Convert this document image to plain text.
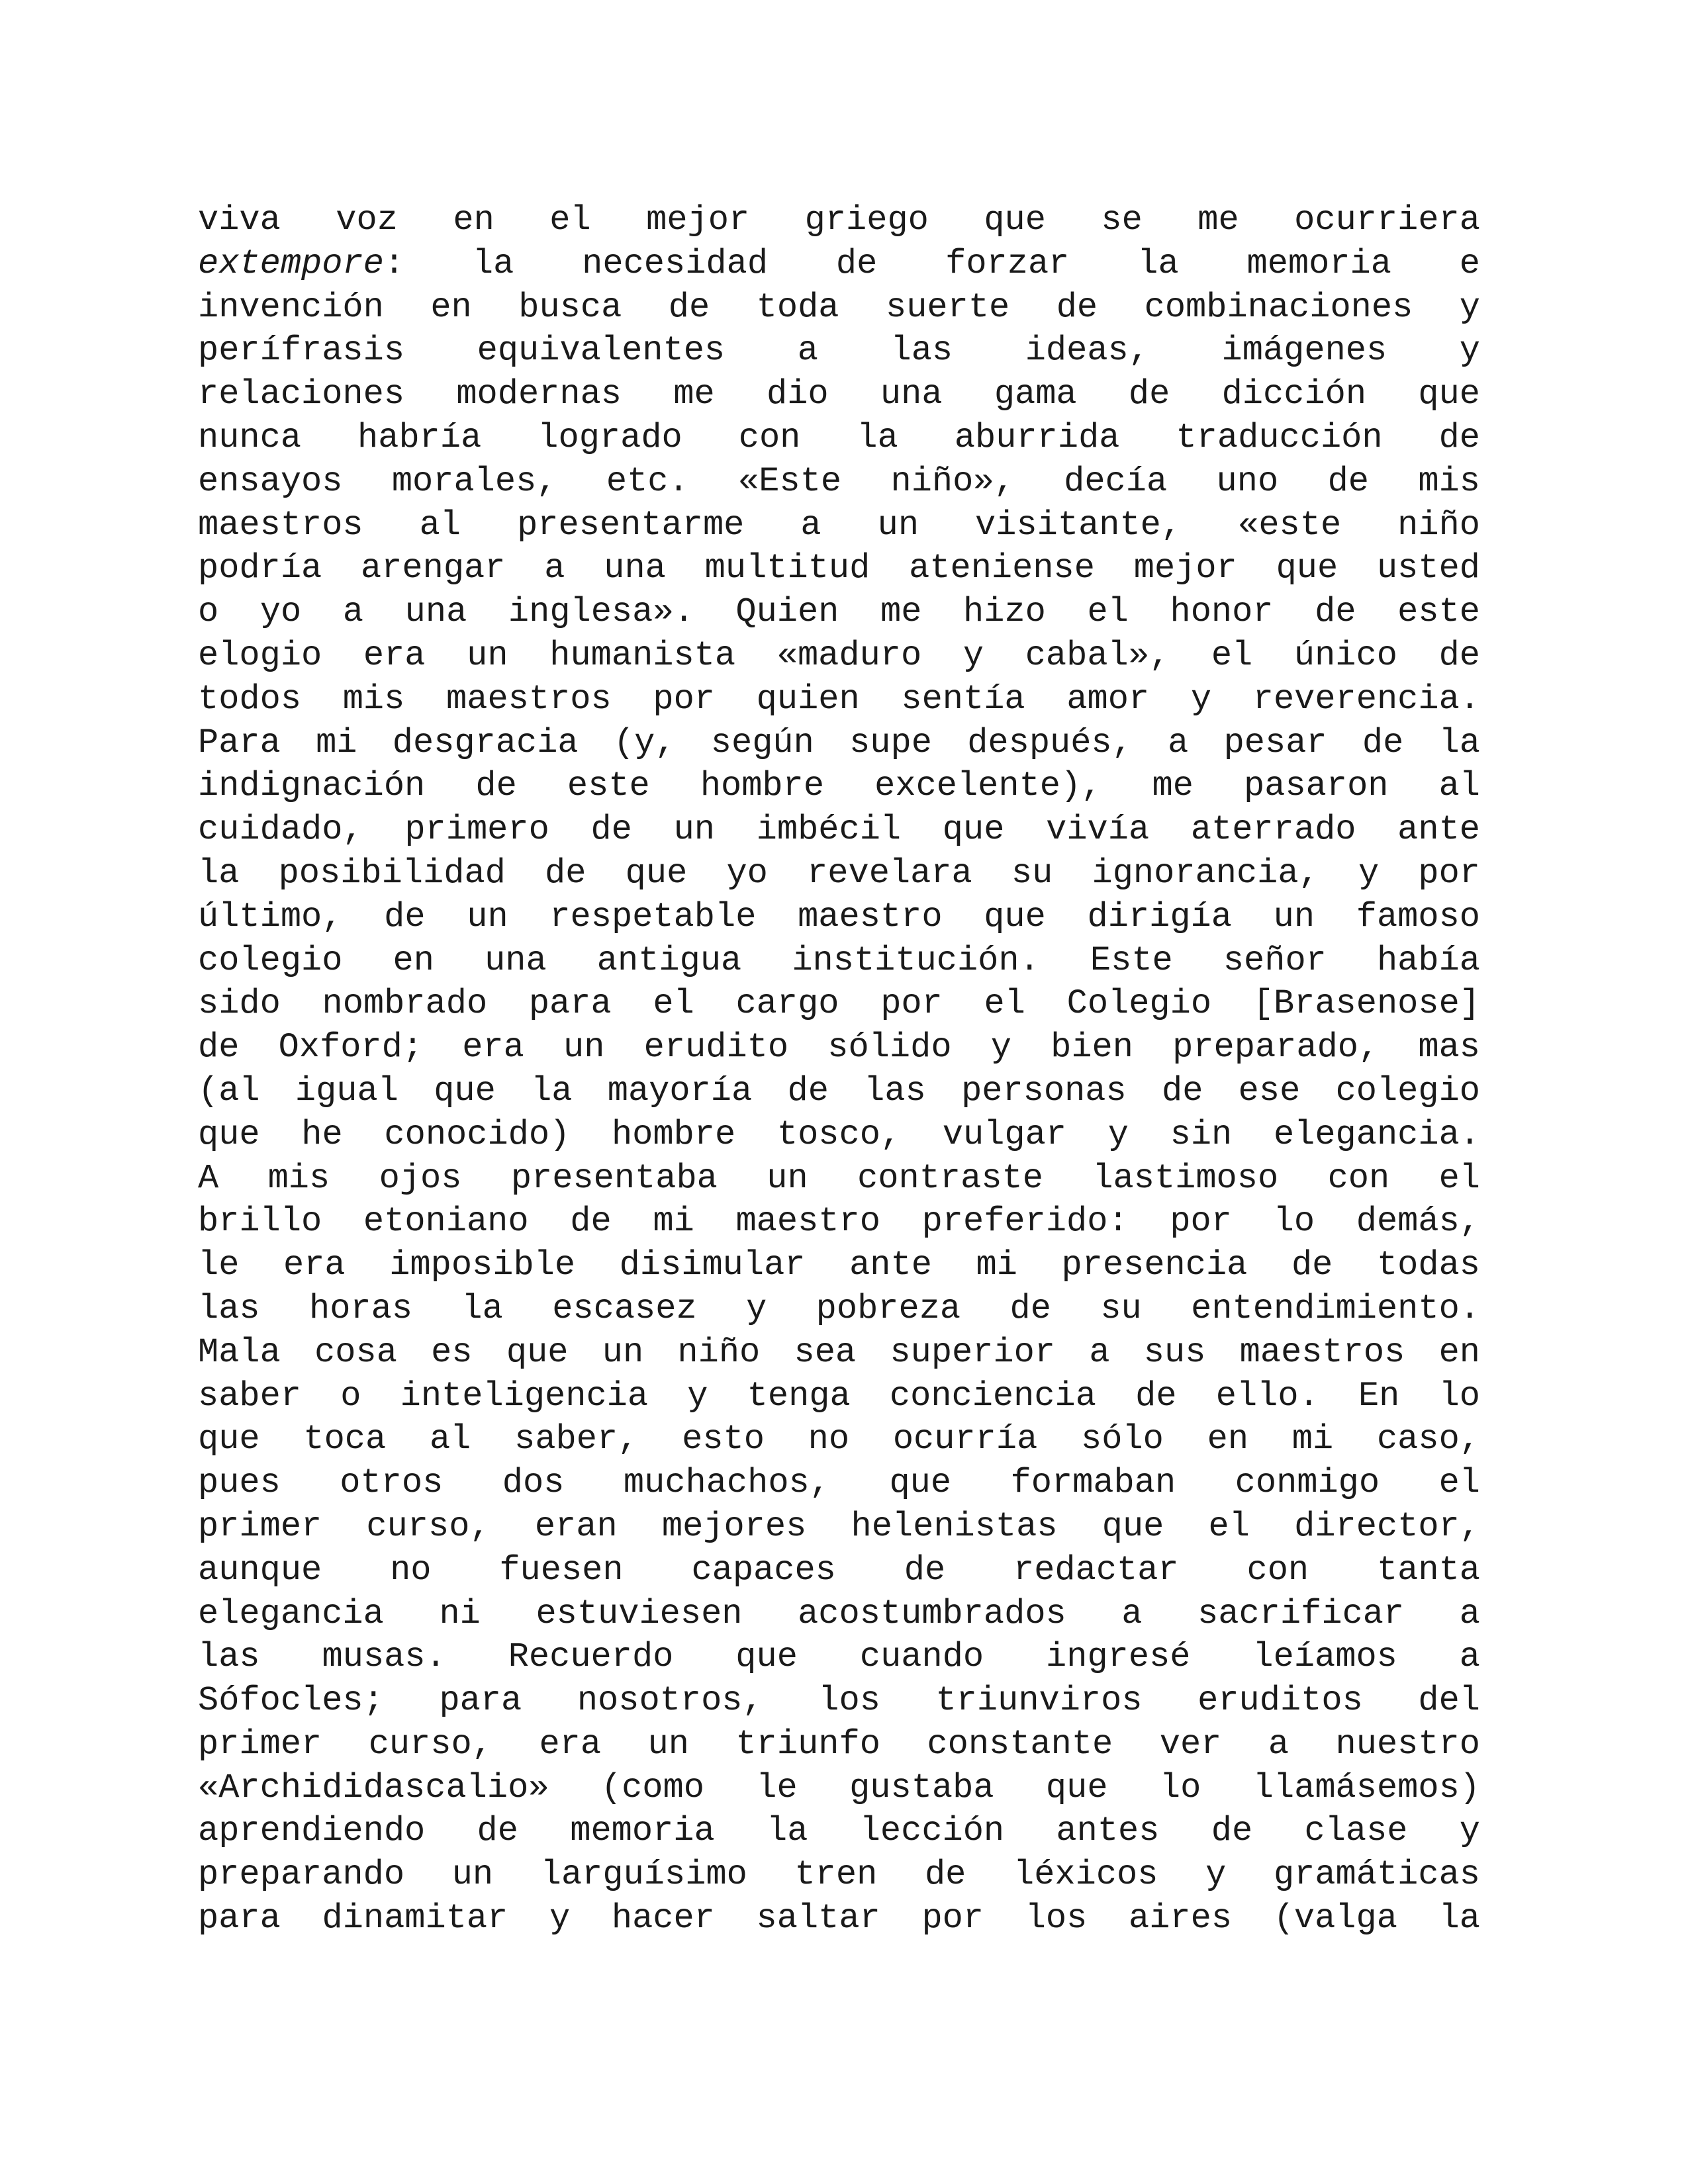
viva voz en el mejor griego que se me ocurriera
extempore: la necesidad de forzar la memoria e
invención en busca de toda suerte de combinaciones y
perífrasis equivalentes a las ideas, imágenes y
relaciones modernas me dio una gama de dicción que
nunca habría logrado con la aburrida traducción de
ensayos morales, etc. «Este niño», decía uno de mis
maestros al presentarme a un visitante, «este niño
podría arengar a una multitud ateniense mejor que usted
o yo a una inglesa». Quien me hizo el honor de este
elogio era un humanista «maduro y cabal», el único de
todos mis maestros por quien sentía amor y reverencia.
Para mi desgracia (y, según supe después, a pesar de la
indignación de este hombre excelente), me pasaron al
cuidado, primero de un imbécil que vivía aterrado ante
la posibilidad de que yo revelara su ignorancia, y por
último, de un respetable maestro que dirigía un famoso
colegio en una antigua institución. Este señor había
sido nombrado para el cargo por el Colegio [Brasenose]
de Oxford; era un erudito sólido y bien preparado, mas
(al igual que la mayoría de las personas de ese colegio
que he conocido) hombre tosco, vulgar y sin elegancia.
A mis ojos presentaba un contraste lastimoso con el
brillo etoniano de mi maestro preferido: por lo demás,
le era imposible disimular ante mi presencia de todas
las horas la escasez y pobreza de su entendimiento.
Mala cosa es que un niño sea superior a sus maestros en
saber o inteligencia y tenga conciencia de ello. En lo
que toca al saber, esto no ocurría sólo en mi caso,
pues otros dos muchachos, que formaban conmigo el
primer curso, eran mejores helenistas que el director,
aunque no fuesen capaces de redactar con tanta
elegancia ni estuviesen acostumbrados a sacrificar a
las musas. Recuerdo que cuando ingresé leíamos a
Sófocles; para nosotros, los triunviros eruditos del
primer curso, era un triunfo constante ver a nuestro
«Archididascalio» (como le gustaba que lo llamásemos)
aprendiendo de memoria la lección antes de clase y
preparando un larguísimo tren de léxicos y gramáticas
para dinamitar y hacer saltar por los aires (valga la
